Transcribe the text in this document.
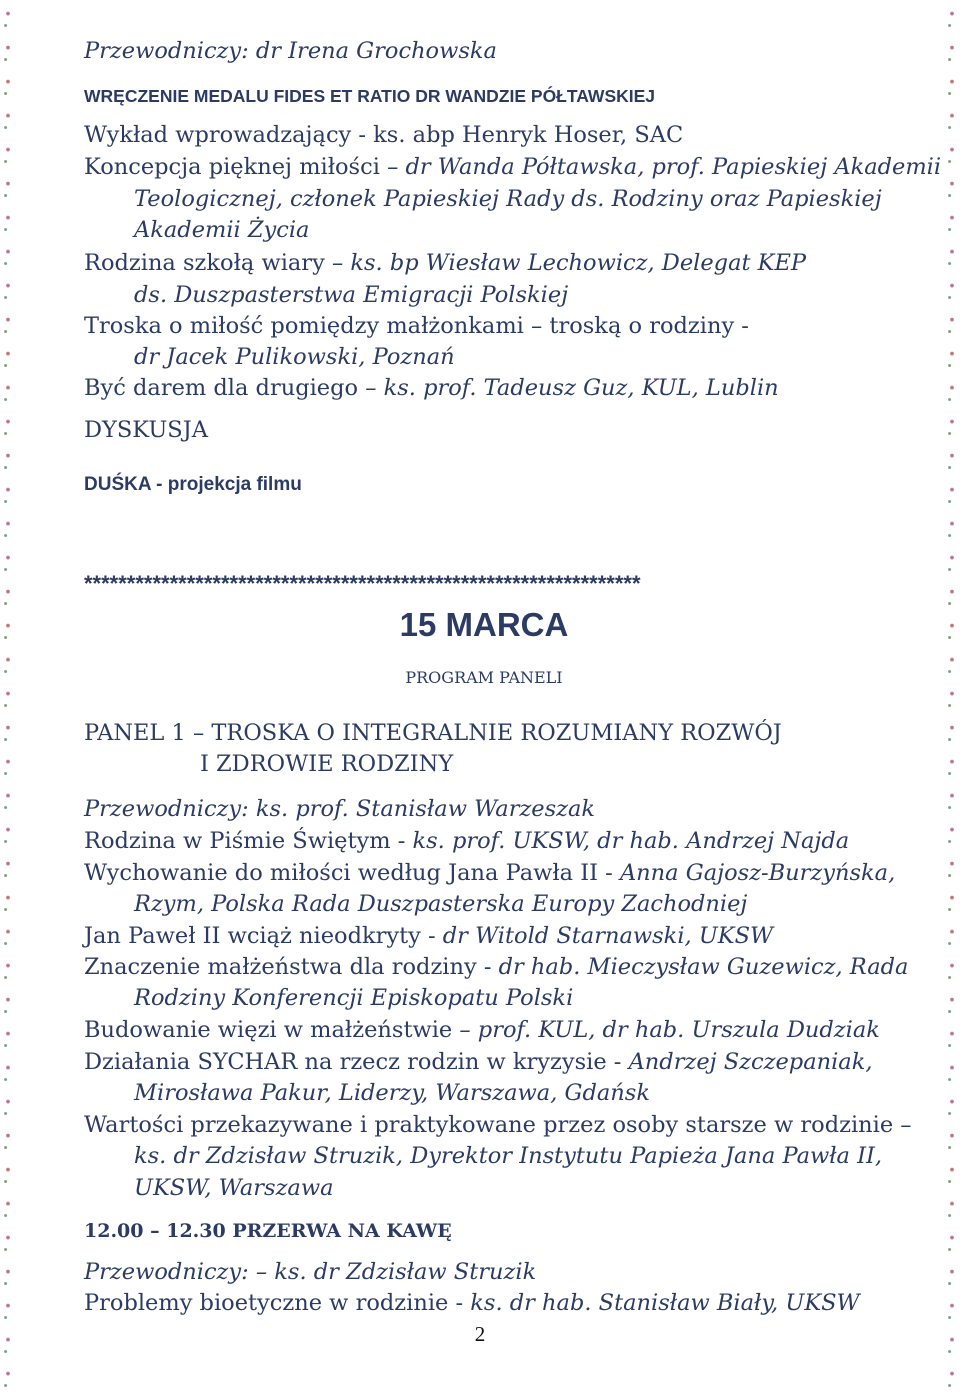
Przewodniczy: dr Irena Grochowska
WRĘCZENIE MEDALU FIDES ET RATIO DR WANDZIE PÓŁTAWSKIEJ
Wykład wprowadzający - ks. abp Henryk Hoser, SAC
Koncepcja pięknej miłości – dr Wanda Półtawska, prof. Papieskiej Akademii
Teologicznej, członek Papieskiej Rady ds. Rodziny oraz Papieskiej
Akademii Życia
Rodzina szkołą wiary – ks. bp Wiesław Lechowicz, Delegat KEP
ds. Duszpasterstwa Emigracji Polskiej
Troska o miłość pomiędzy małżonkami – troską o rodziny -
dr Jacek Pulikowski, Poznań
Być darem dla drugiego – ks. prof. Tadeusz Guz, KUL, Lublin
DYSKUSJA
DUŚKA - projekcja filmu
*****************************************************************
15 MARCA
PROGRAM PANELI
PANEL 1 – TROSKA O INTEGRALNIE ROZUMIANY ROZWÓJ
I ZDROWIE RODZINY
Przewodniczy: ks. prof. Stanisław Warzeszak
Rodzina w Piśmie Świętym - ks. prof. UKSW, dr hab. Andrzej Najda
Wychowanie do miłości według Jana Pawła II - Anna Gajosz-Burzyńska,
Rzym, Polska Rada Duszpasterska Europy Zachodniej
Jan Paweł II wciąż nieodkryty - dr Witold Starnawski, UKSW
Znaczenie małżeństwa dla rodziny - dr hab. Mieczysław Guzewicz, Rada
Rodziny Konferencji Episkopatu Polski
Budowanie więzi w małżeństwie – prof. KUL, dr hab. Urszula Dudziak
Działania SYCHAR na rzecz rodzin w kryzysie - Andrzej Szczepaniak,
Mirosława Pakur, Liderzy, Warszawa, Gdańsk
Wartości przekazywane i praktykowane przez osoby starsze w rodzinie –
ks. dr Zdzisław Struzik, Dyrektor Instytutu Papieża Jana Pawła II,
UKSW, Warszawa
12.00 – 12.30 PRZERWA NA KAWĘ
Przewodniczy: – ks. dr Zdzisław Struzik
Problemy bioetyczne w rodzinie - ks. dr hab. Stanisław Biały, UKSW
2
